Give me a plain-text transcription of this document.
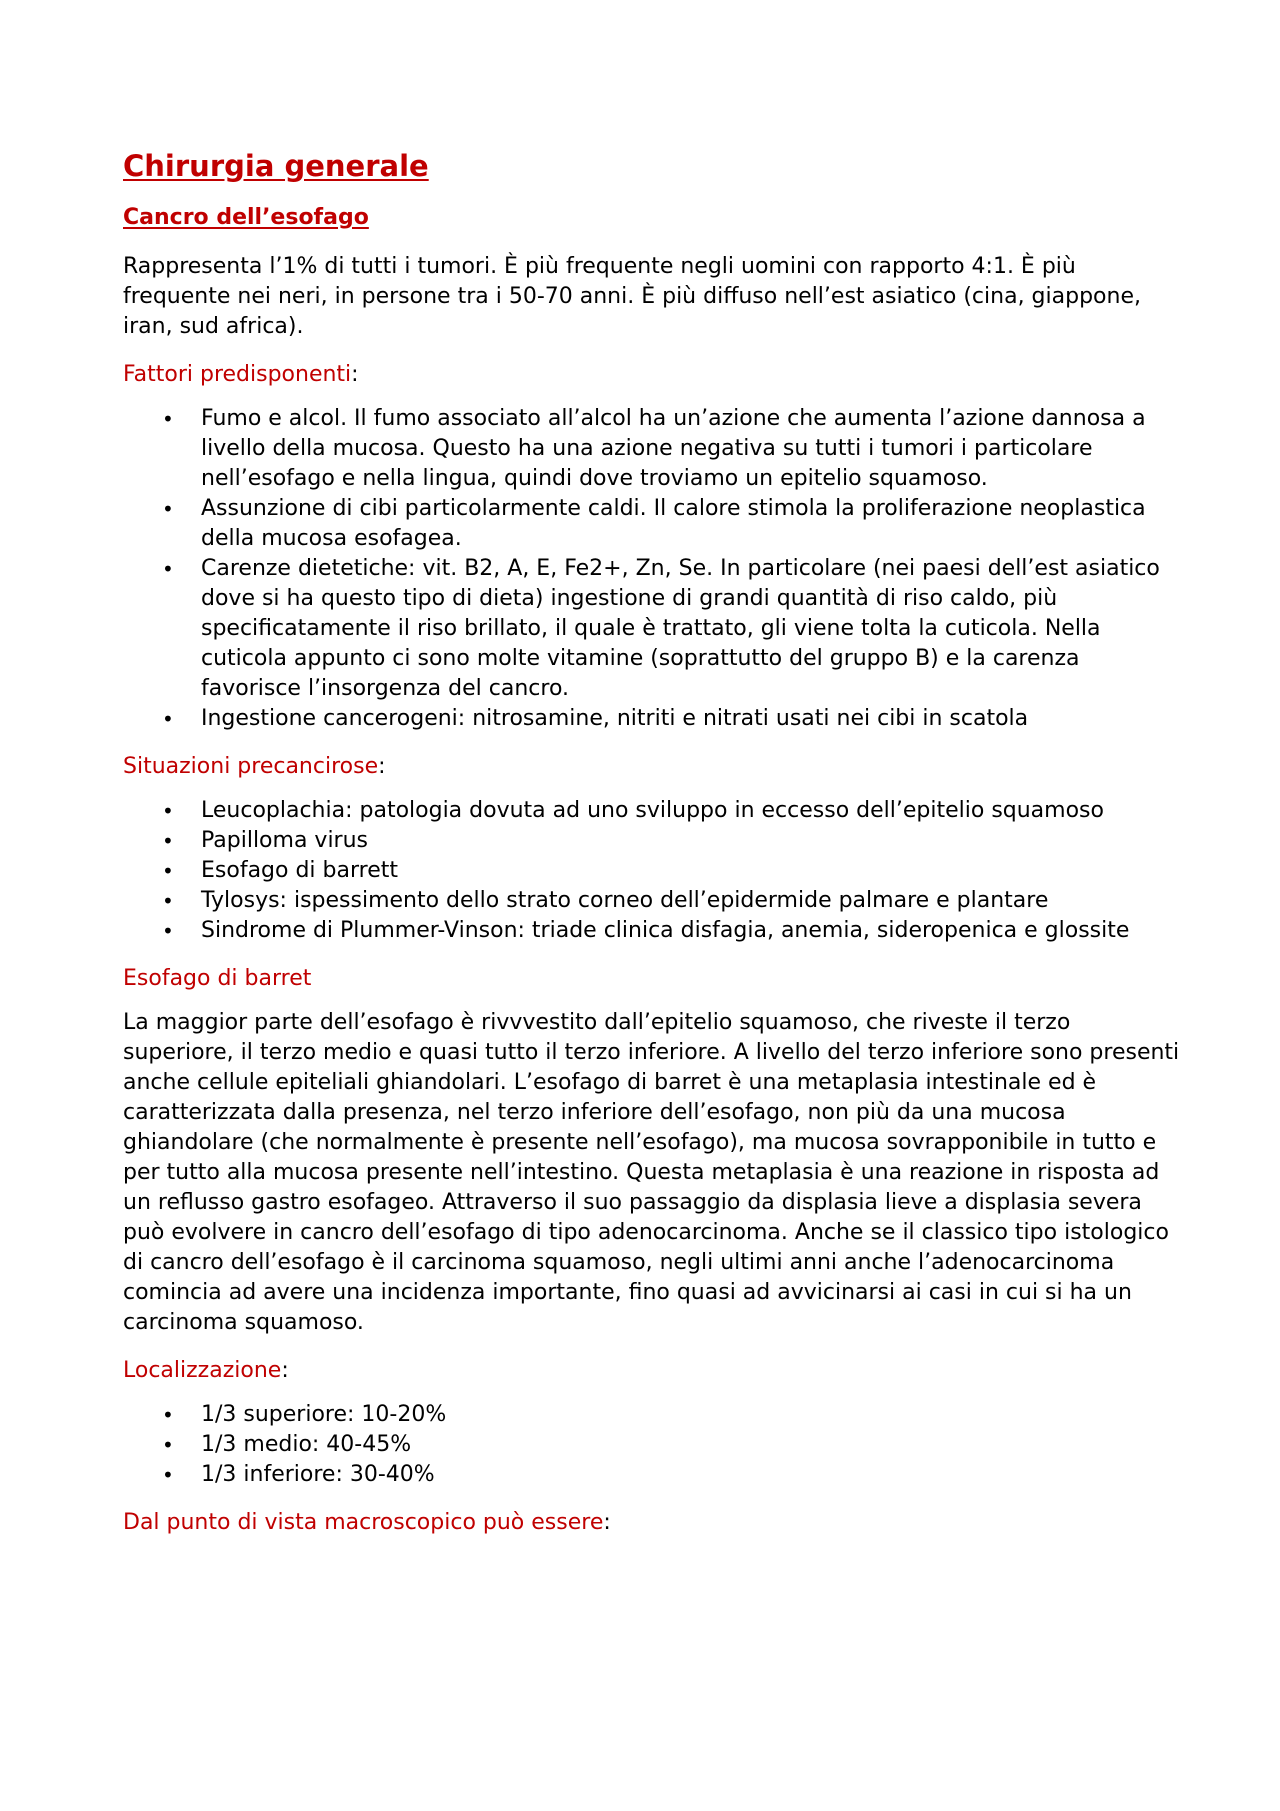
Chirurgia generale
Cancro dell’esofago

Rappresenta l’1% di tutti i tumori. È più frequente negli uomini con rapporto 4:1. È più frequente nei neri, in persone tra i 50-70 anni. È più diffuso nell’est asiatico (cina, giappone, iran, sud africa).

Fattori predisponenti:
• Fumo e alcol. Il fumo associato all’alcol ha un’azione che aumenta l’azione dannosa a livello della mucosa. Questo ha una azione negativa su tutti i tumori i particolare nell’esofago e nella lingua, quindi dove troviamo un epitelio squamoso.
• Assunzione di cibi particolarmente caldi. Il calore stimola la proliferazione neoplastica della mucosa esofagea.
• Carenze dietetiche: vit. B2, A, E, Fe2+, Zn, Se. In particolare (nei paesi dell’est asiatico dove si ha questo tipo di dieta) ingestione di grandi quantità di riso caldo, più specificatamente il riso brillato, il quale è trattato, gli viene tolta la cuticola. Nella cuticola appunto ci sono molte vitamine (soprattutto del gruppo B) e la carenza favorisce l’insorgenza del cancro.
• Ingestione cancerogeni: nitrosamine, nitriti e nitrati usati nei cibi in scatola
Situazioni precancirose:
• Leucoplachia: patologia dovuta ad uno sviluppo in eccesso dell’epitelio squamoso
• Papilloma virus
• Esofago di barrett
• Tylosys: ispessimento dello strato corneo dell’epidermide palmare e plantare
• Sindrome di Plummer-Vinson: triade clinica disfagia, anemia, sideropenica e glossite
Esofago di barret

La maggior parte dell’esofago è rivvvestito dall’epitelio squamoso, che riveste il terzo superiore, il terzo medio e quasi tutto il terzo inferiore. A livello del terzo inferiore sono presenti anche cellule epiteliali ghiandolari. L’esofago di barret è una metaplasia intestinale ed è caratterizzata dalla presenza, nel terzo inferiore dell’esofago, non più da una mucosa ghiandolare (che normalmente è presente nell’esofago), ma mucosa sovrapponibile in tutto e per tutto alla mucosa presente nell’intestino. Questa metaplasia è una reazione in risposta ad un reflusso gastro esofageo. Attraverso il suo passaggio da displasia lieve a displasia severa può evolvere in cancro dell’esofago di tipo adenocarcinoma. Anche se il classico tipo istologico di cancro dell’esofago è il carcinoma squamoso, negli ultimi anni anche l’adenocarcinoma comincia ad avere una incidenza importante, fino quasi ad avvicinarsi ai casi in cui si ha un carcinoma squamoso.

Localizzazione:
• 1/3 superiore: 10-20%
• 1/3 medio: 40-45%
• 1/3 inferiore: 30-40%
Dal punto di vista macroscopico può essere:
